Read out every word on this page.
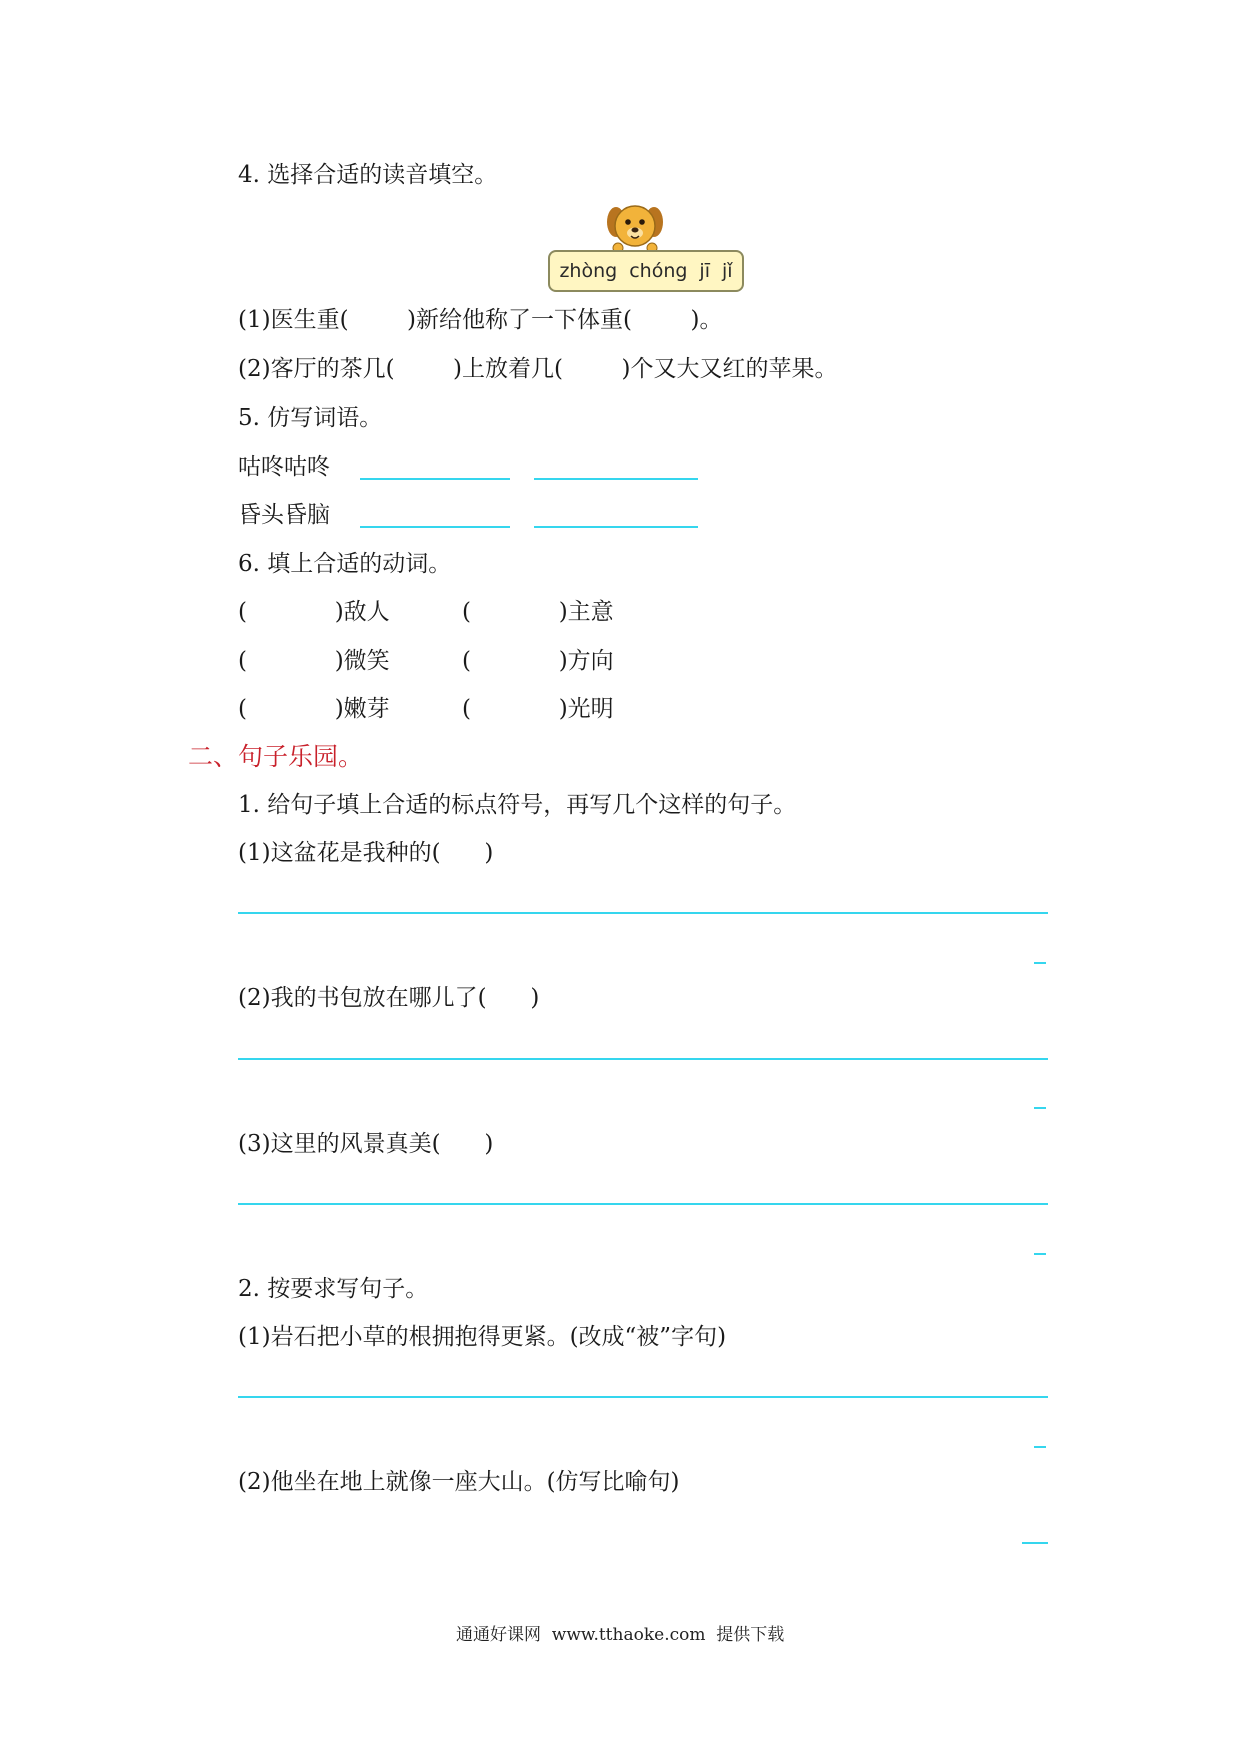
4. 选择合适的读音填空。
zhòng chóng jī jǐ
(1)医生重(        )新给他称了一下体重(        )。
(2)客厅的茶几(        )上放着几(        )个又大又红的苹果。
5. 仿写词语。
咕咚咕咚
昏头昏脑
6. 填上合适的动词。
(            )敌人	(            )主意
(            )微笑	(            )方向
(            )嫩芽	(            )光明
二、句子乐园。
1. 给句子填上合适的标点符号，再写几个这样的句子。
(1)这盆花是我种的(      )
(2)我的书包放在哪儿了(      )
(3)这里的风景真美(      )
2. 按要求写句子。
(1)岩石把小草的根拥抱得更紧。(改成“被”字句)
(2)他坐在地上就像一座大山。(仿写比喻句)
通通好课网  www.tthaoke.com  提供下载
